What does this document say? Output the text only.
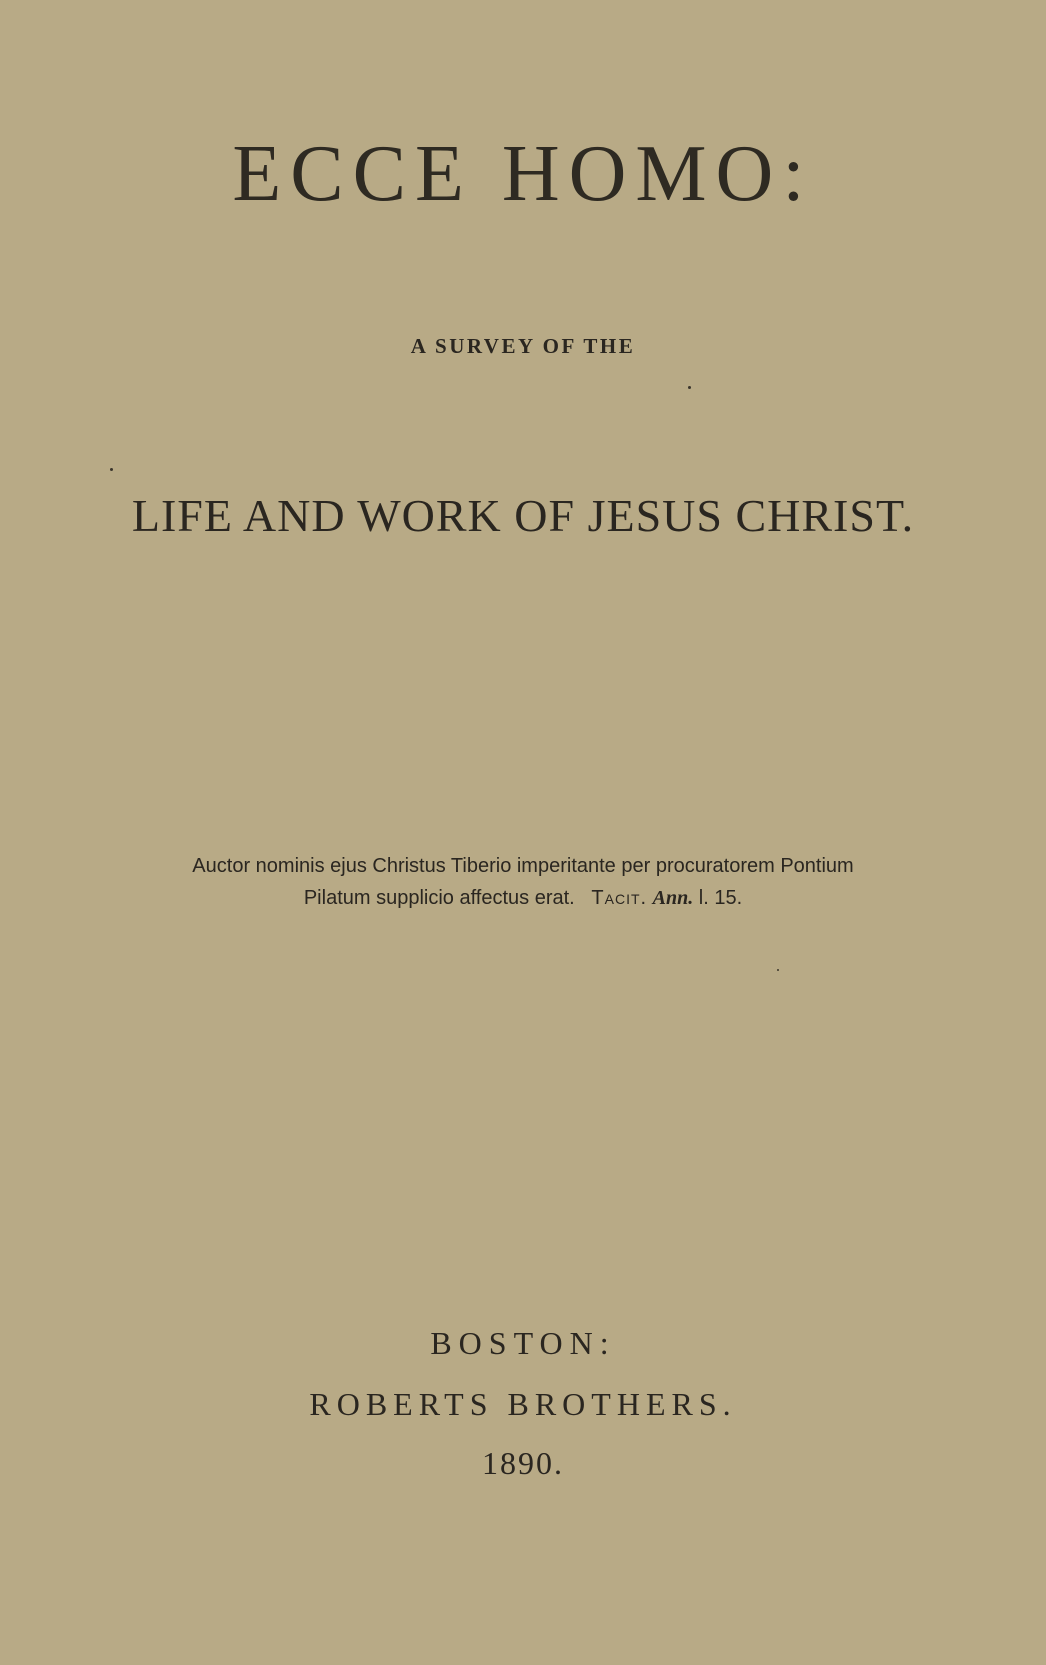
ECCE HOMO:
A SURVEY OF THE
LIFE AND WORK OF JESUS CHRIST.
Auctor nominis ejus Christus Tiberio imperitante per procuratorem Pontium
Pilatum supplicio affectus erat. Tacit. Ann. l. 15.
BOSTON:
ROBERTS BROTHERS.
1890.
